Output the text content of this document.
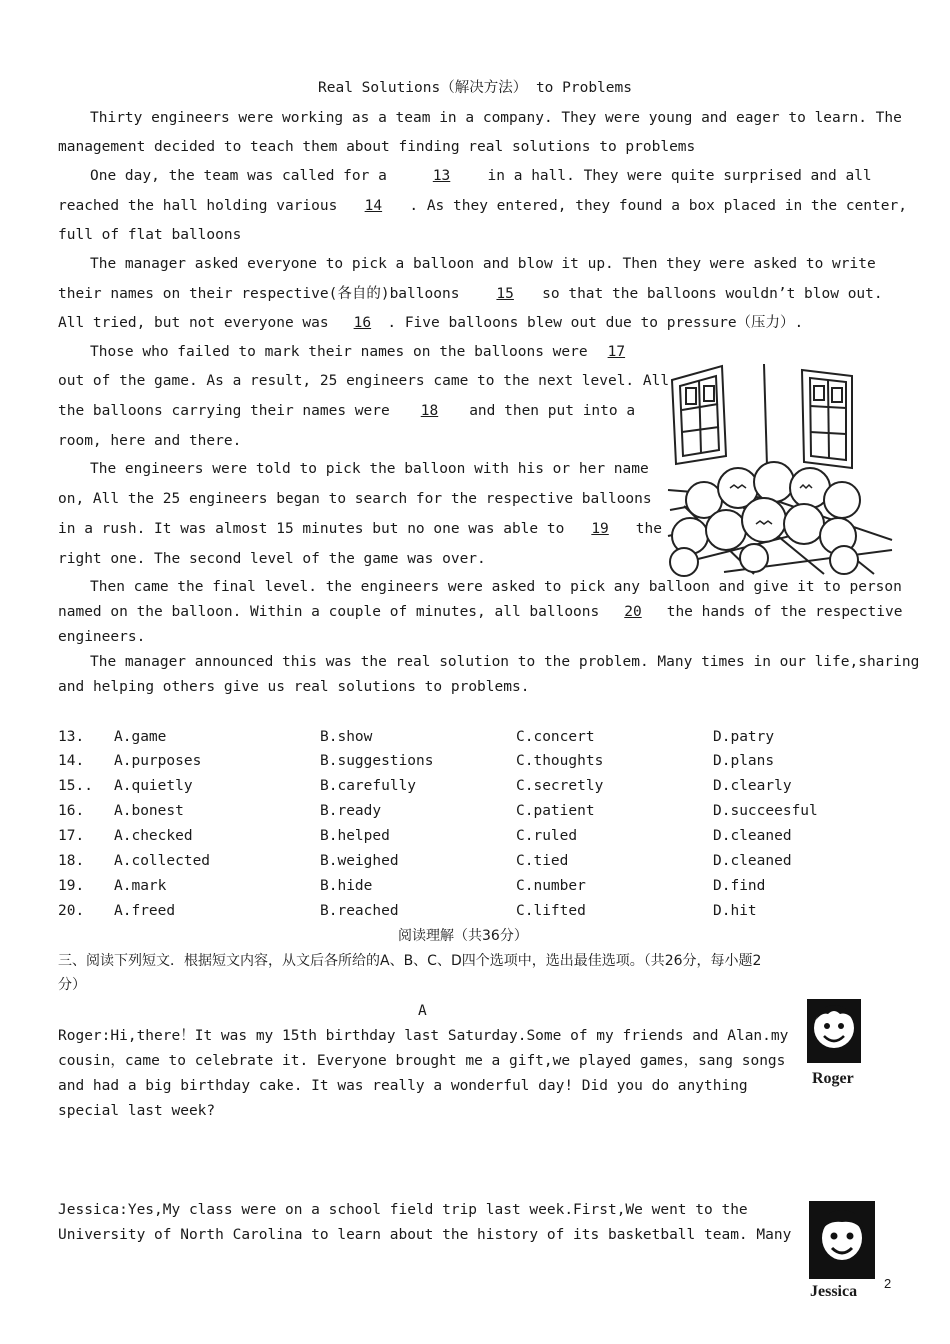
Real Solutions（解决方法） to Problems
Thirty engineers were working as a team in a company. They were young and eager to learn. The
management decided to teach them about finding real solutions to problems
One day, the team was called for a	13	in a hall. They were quite surprised and all
reached the hall holding various 14 . As they entered, they found a box placed in the center,
full of flat balloons
The manager asked everyone to pick a balloon and blow it up. Then they were asked to write
their names on their respective(各自的)balloons	15 so that the balloons wouldn’t blow out.
All tried, but not everyone was 16 . Five balloons blew out due to pressure（压力）.
Those who failed to mark their names on the balloons were 17
out of the game. As a result, 25 engineers came to the next level. All
the balloons carrying their names were 18 and then put into a
room, here and there.
The engineers were told to pick the balloon with his or her name
on, All the 25 engineers began to search for the respective balloons
in a rush. It was almost 15 minutes but no one was able to 19 the
right one. The second level of the game was over.
Then came the final level. the engineers were asked to pick any balloon and give it to person
named on the balloon. Within a couple of minutes, all balloons 20 the hands of the respective
engineers.
The manager announced this was the real solution to the problem. Many times in our life,sharing
and helping others give us real solutions to problems.
13. A.game	B.show	C.concert	D.patry
14. A.purposes	B.suggestions	C.thoughts	D.plans
15.. A.quietly	B.carefully	C.secretly	D.clearly
16. A.bonest	B.ready	C.patient	D.succeesful
17. A.checked	B.helped	C.ruled	D.cleaned
18. A.collected	B.weighed	C.tied	D.cleaned
19. A.mark	B.hide	C.number	D.find
20. A.freed	B.reached	C.lifted	D.hit
阅读理解（共36分）
三、阅读下列短文．根据短文内容，从文后各所给的A、B、C、D四个选项中，选出最佳选项。（共26分，每小题2
分）
A
Roger:Hi,there！It was my 15th birthday last Saturday.Some of my friends and Alan.my
cousin，came to celebrate it. Everyone brought me a gift,we played games，sang songs
and had a big birthday cake. It was really a wonderful day! Did you do anything
special last week?
Roger
Jessica:Yes,My class were on a school field trip last week.First,We went to the
University of North Carolina to learn about the history of its basketball team. Many
Jessica 2
